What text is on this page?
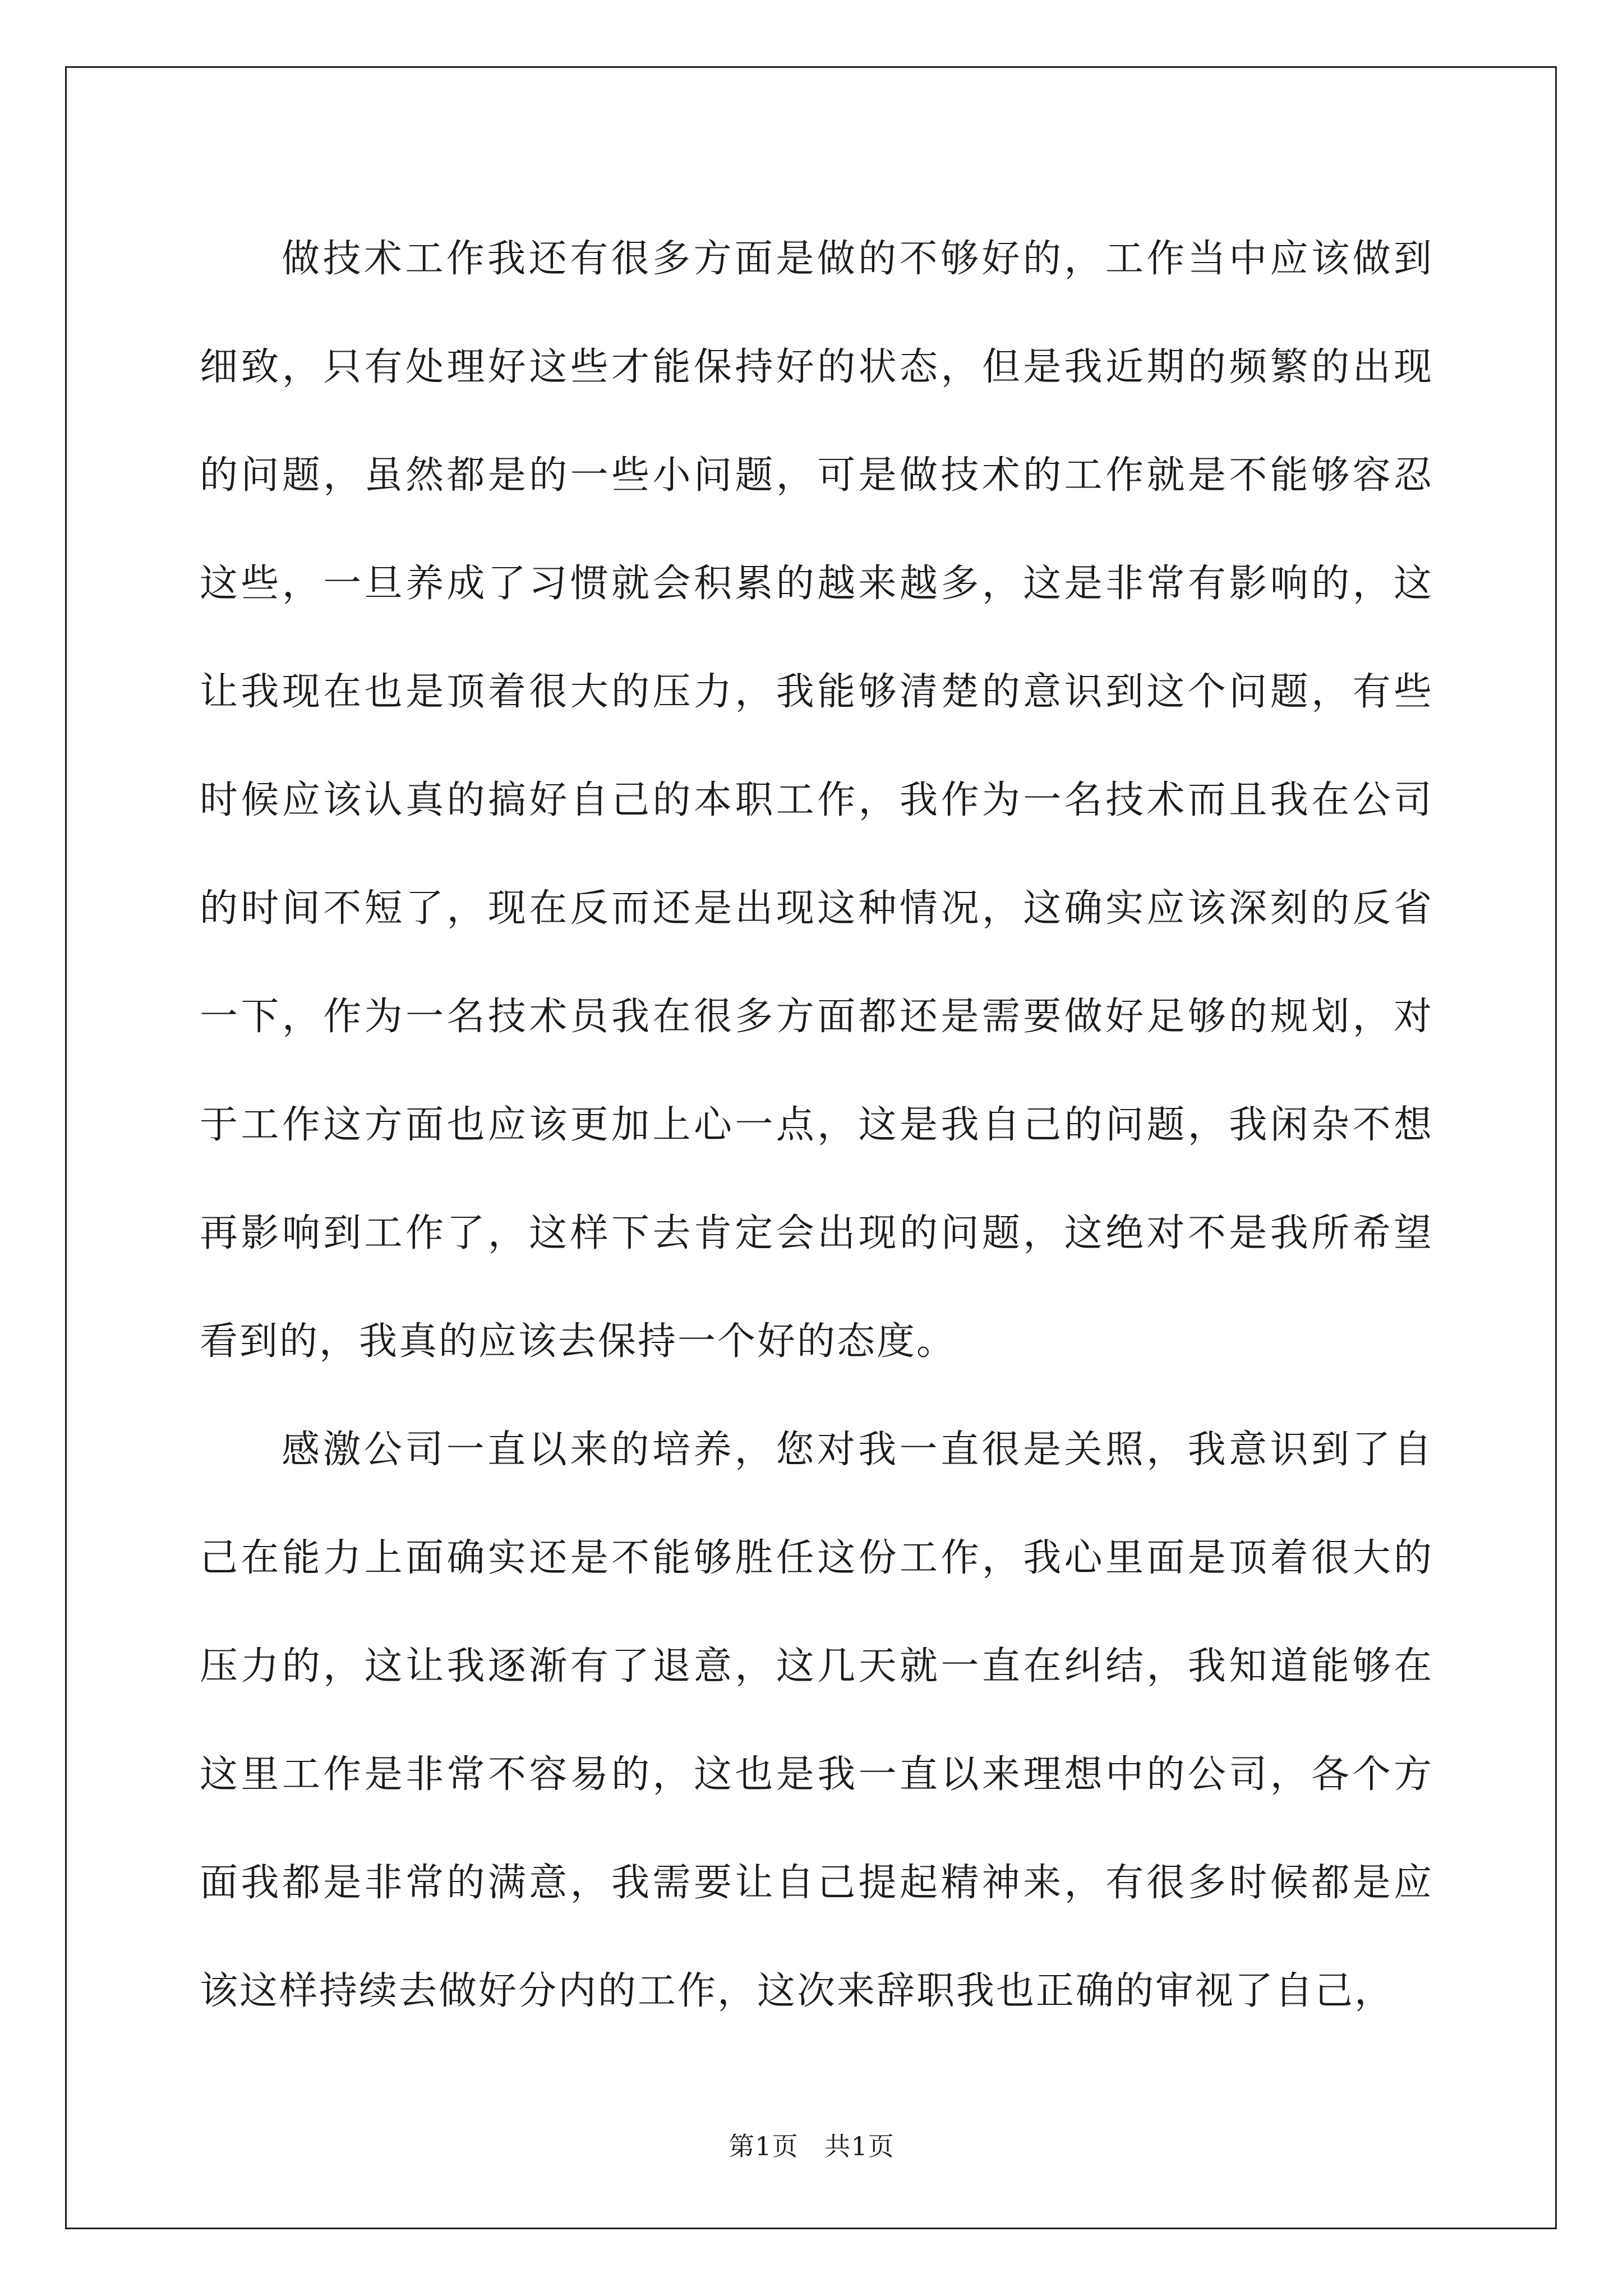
做技术工作我还有很多方面是做的不够好的，工作当中应该做到细致，只有处理好这些才能保持好的状态，但是我近期的频繁的出现的问题，虽然都是的一些小问题，可是做技术的工作就是不能够容忍这些，一旦养成了习惯就会积累的越来越多，这是非常有影响的，这让我现在也是顶着很大的压力，我能够清楚的意识到这个问题，有些时候应该认真的搞好自己的本职工作，我作为一名技术而且我在公司的时间不短了，现在反而还是出现这种情况，这确实应该深刻的反省一下，作为一名技术员我在很多方面都还是需要做好足够的规划，对于工作这方面也应该更加上心一点，这是我自己的问题，我闲杂不想再影响到工作了，这样下去肯定会出现的问题，这绝对不是我所希望看到的，我真的应该去保持一个好的态度。

感激公司一直以来的培养，您对我一直很是关照，我意识到了自己在能力上面确实还是不能够胜任这份工作，我心里面是顶着很大的压力的，这让我逐渐有了退意，这几天就一直在纠结，我知道能够在这里工作是非常不容易的，这也是我一直以来理想中的公司，各个方面我都是非常的满意，我需要让自己提起精神来，有很多时候都是应该这样持续去做好分内的工作，这次来辞职我也正确的审视了自己，

第1页   共1页
